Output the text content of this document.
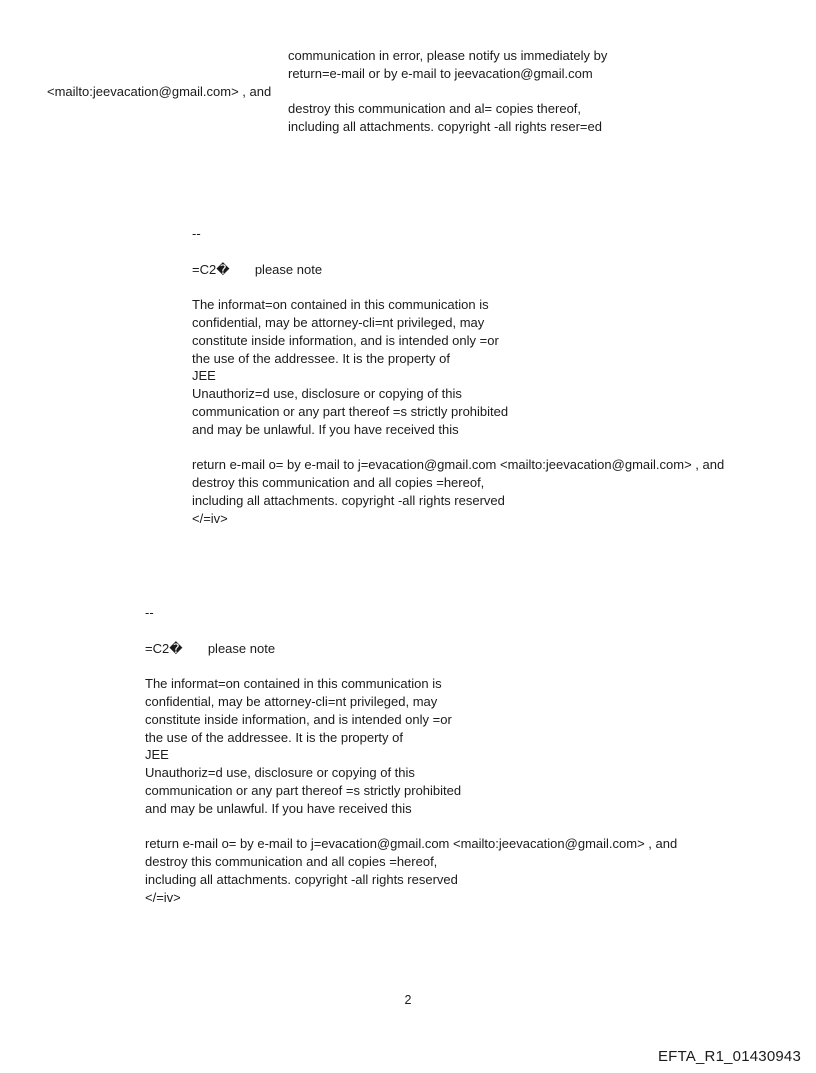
communication in error, please notify us immediately by
return=e-mail or by e-mail to jeevacation@gmail.com
<mailto:jeevacation@gmail.com> , and
destroy this communication and al= copies thereof,
including all attachments. copyright -all rights reser=ed
--
=C2�       please note
The informat=on contained in this communication is
confidential, may be attorney-cli=nt privileged, may
constitute inside information, and is intended only =or
the use of the addressee. It is the property of
JEE
Unauthoriz=d use, disclosure or copying of this
communication or any part thereof =s strictly prohibited
and may be unlawful. If you have received this
return e-mail o= by e-mail to j=evacation@gmail.com <mailto:jeevacation@gmail.com> , and
destroy this communication and all copies =hereof,
including all attachments. copyright -all rights reserved
</=iv>
--
=C2�       please note
The informat=on contained in this communication is
confidential, may be attorney-cli=nt privileged, may
constitute inside information, and is intended only =or
the use of the addressee. It is the property of
JEE
Unauthoriz=d use, disclosure or copying of this
communication or any part thereof =s strictly prohibited
and may be unlawful. If you have received this
return e-mail o= by e-mail to j=evacation@gmail.com <mailto:jeevacation@gmail.com> , and
destroy this communication and all copies =hereof,
including all attachments. copyright -all rights reserved
</=iv>
2
EFTA_R1_01430943
